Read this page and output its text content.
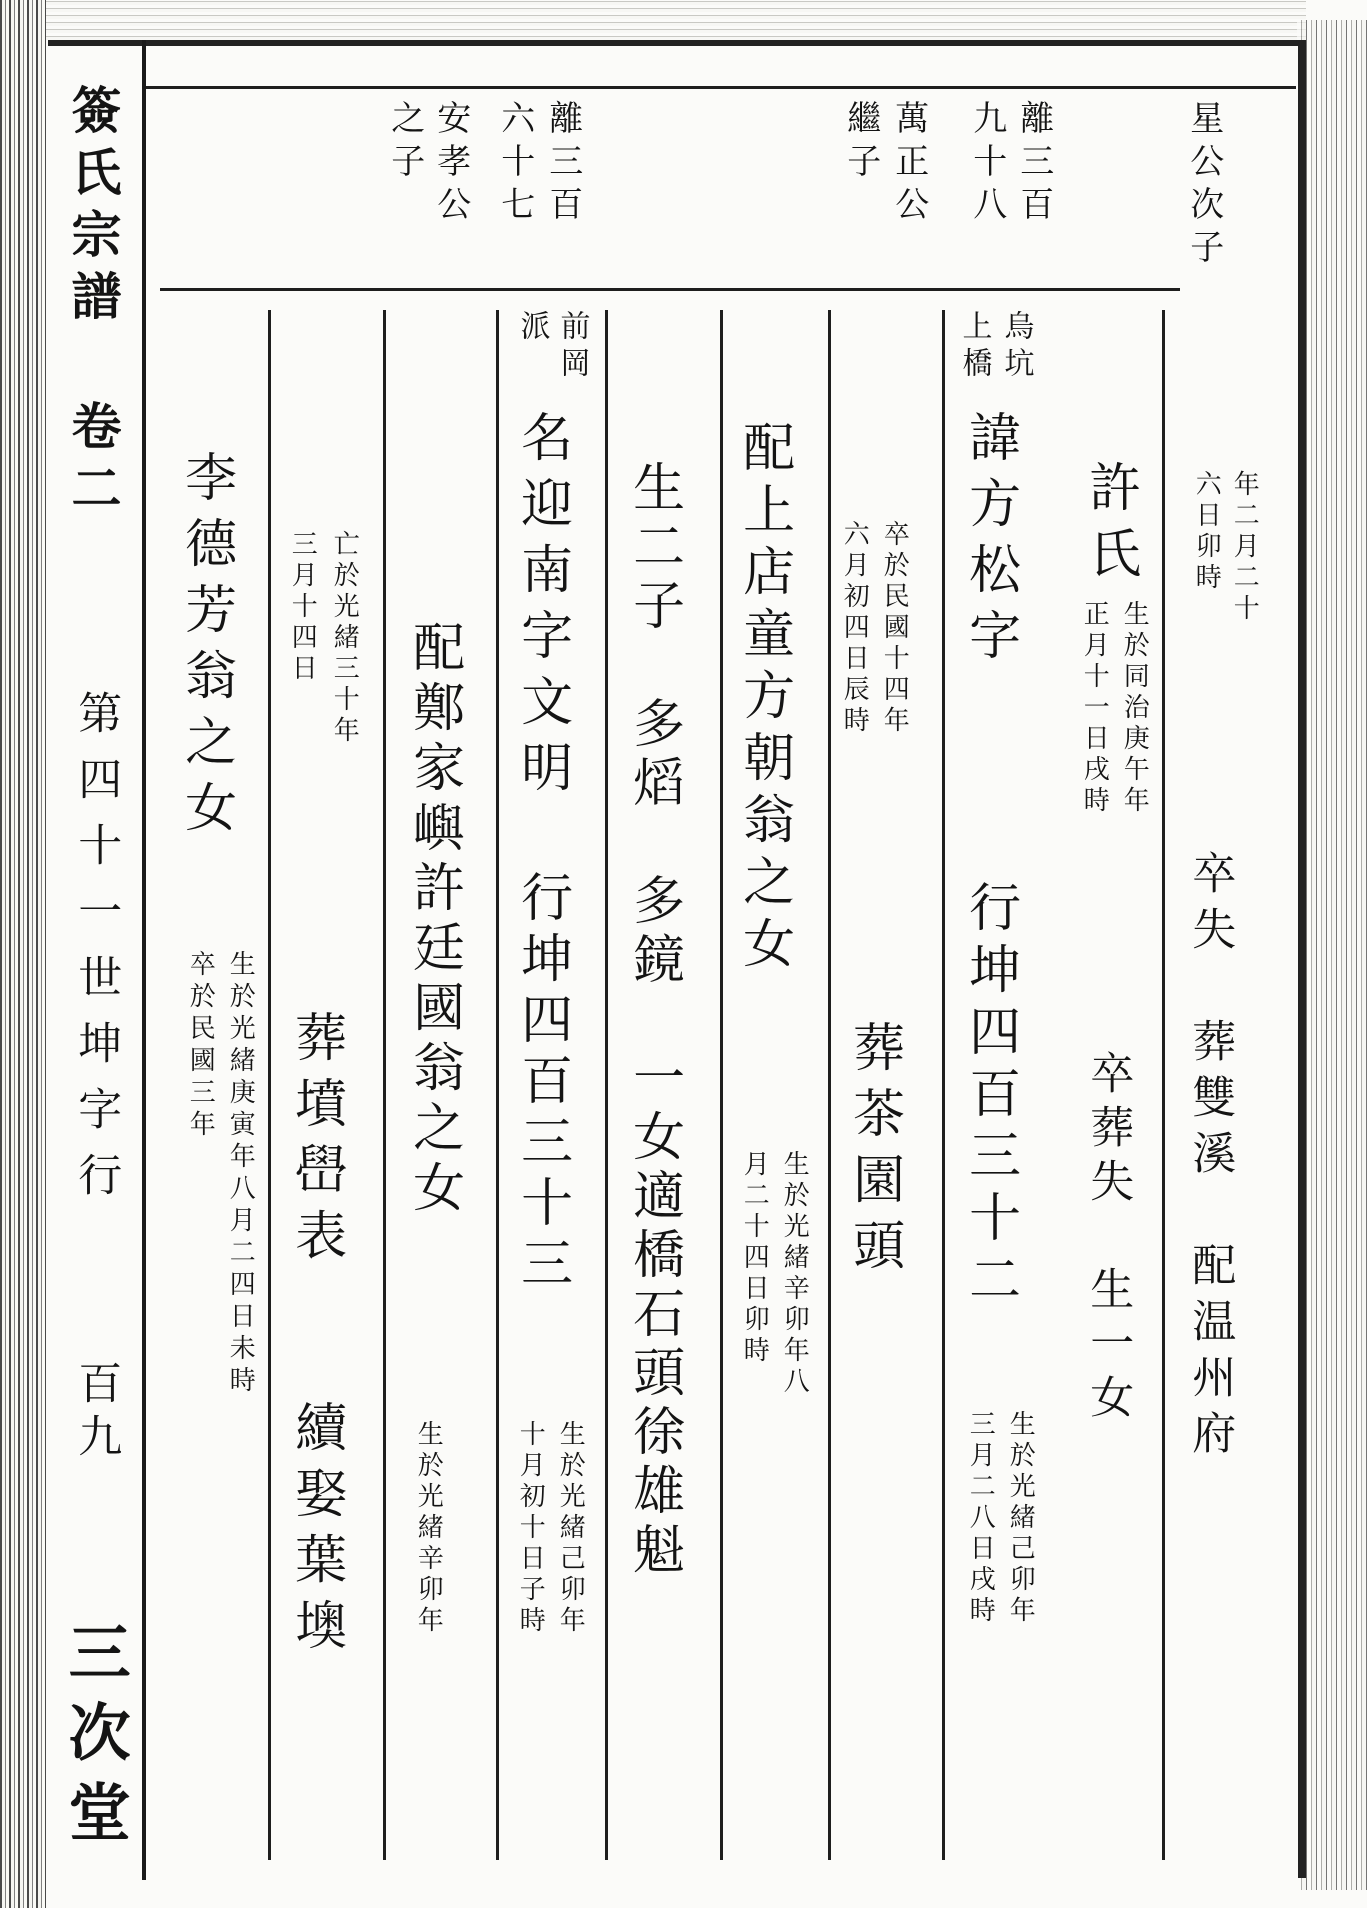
簽氏宗譜

卷二

第四十一世坤字行

百九

三次堂

星公次子

離三百

九十八

萬正公

繼子

離三百

六十七

安孝公

之子

年二月二十

六日卯時

卒失　葬雙溪　配温州府

許氏

生於同治庚午年

正月十一日戌時

卒葬失　生一女

烏坑

上橋

諱方松字

行坤四百三十二

生於光緒己卯年

三月二八日戌時

卒於民國十四年

六月初四日辰時

葬茶園頭

配上店童方朝翁之女

生於光緒辛卯年八

月二十四日卯時

生二子　多熖　多鏡　一女適橋石頭徐雄魁

前岡

派

名迎南字文明

行坤四百三十三

生於光緒己卯年

十月初十日子時

配鄭家嶼許廷國翁之女

生於光緒辛卯年

亡於光緒三十年

三月十四日

葬墳嶨表

續娶葉墺

李德芳翁之女

生於光緒庚寅年八月二四日未時

卒於民國三年
